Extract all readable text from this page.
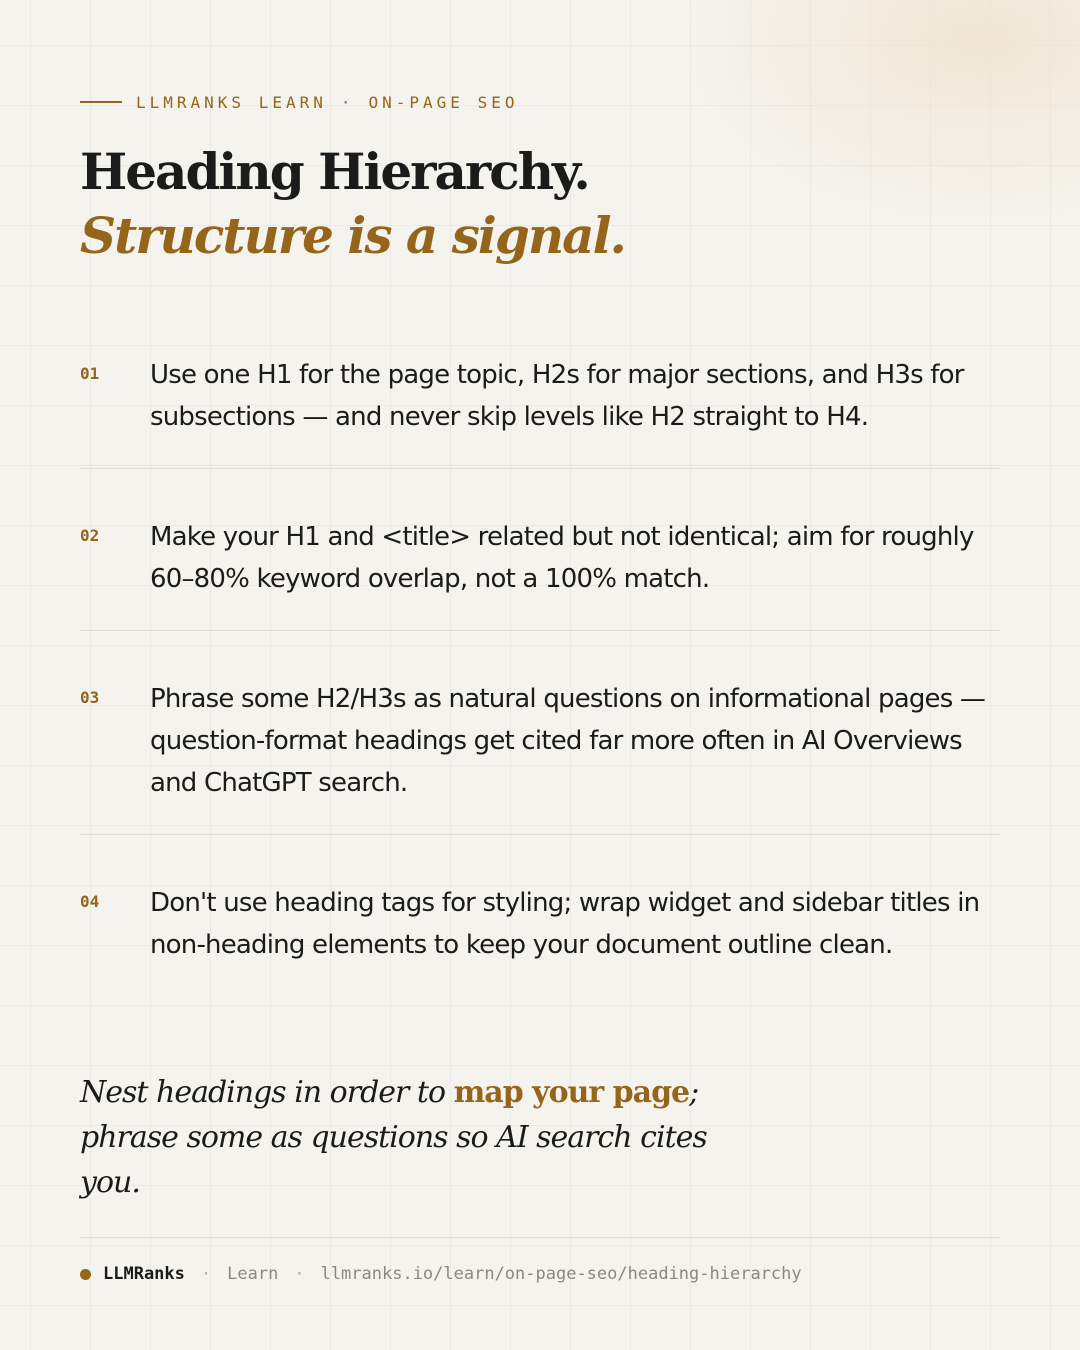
LLMRANKS LEARN · ON-PAGE SEO
Heading Hierarchy.
Structure is a signal.
01	Use one H1 for the page topic, H2s for major sections, and H3s for subsections — and never skip levels like H2 straight to H4.
02	Make your H1 and <title> related but not identical; aim for roughly 60–80% keyword overlap, not a 100% match.
03	Phrase some H2/H3s as natural questions on informational pages — question-format headings get cited far more often in AI Overviews and ChatGPT search.
04	Don't use heading tags for styling; wrap widget and sidebar titles in non-heading elements to keep your document outline clean.

Nest headings in order to map your page; phrase some as questions so AI search cites you.

LLMRanks · Learn · llmranks.io/learn/on-page-seo/heading-hierarchy
